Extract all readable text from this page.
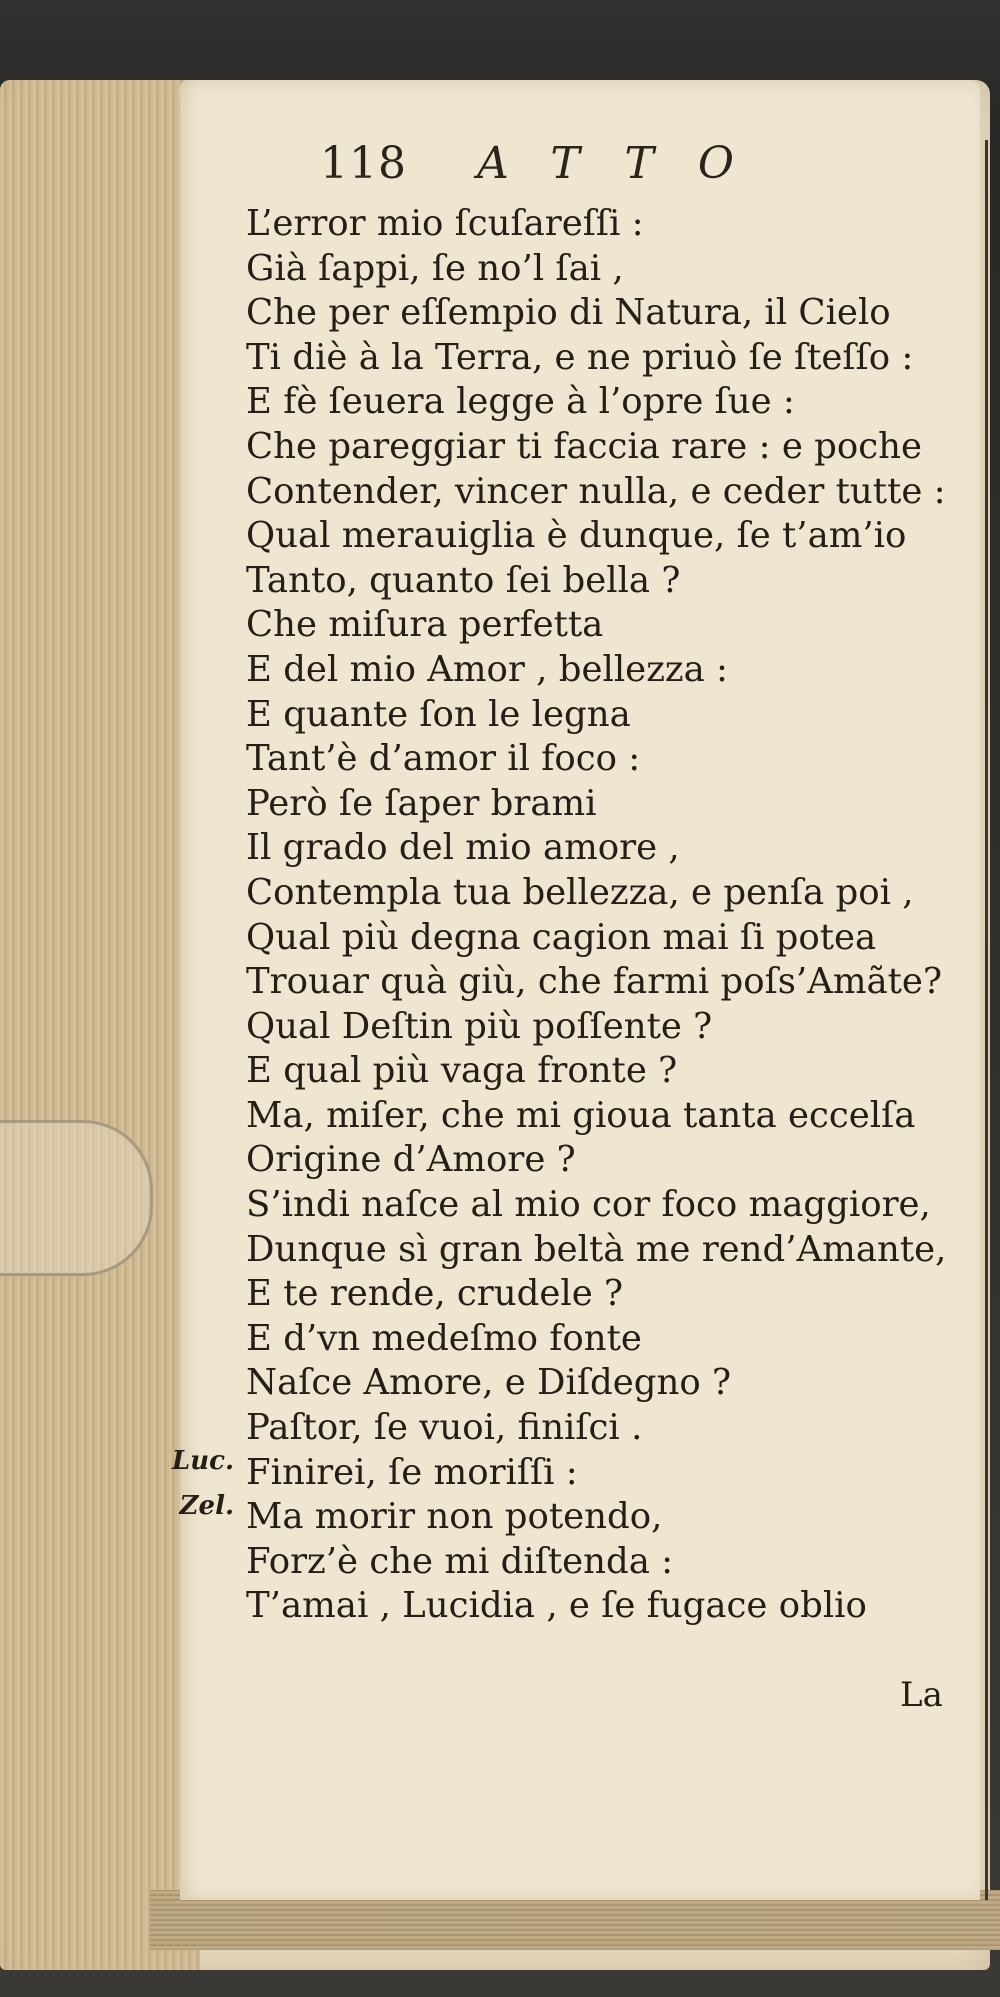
118 ATTO
L’error mio ſcuſareſſi :
Già ſappi, ſe no’l ſai ,
Che per eſſempio di Natura, il Cielo
Ti diè à la Terra, e ne priuò ſe ſteſſo :
E fè ſeuera legge à l’opre ſue :
Che pareggiar ti faccia rare : e poche
Contender, vincer nulla, e ceder tutte :
Qual merauiglia è dunque, ſe t’am’io
Tanto, quanto ſei bella ?
Che miſura perfetta
E del mio Amor , bellezza :
E quante ſon le legna
Tant’è d’amor il foco :
Però ſe ſaper brami
Il grado del mio amore ,
Contempla tua bellezza, e penſa poi ,
Qual più degna cagion mai ſi potea
Trouar quà giù, che farmi poſs’Amãte?
Qual Deſtin più poſſente ?
E qual più vaga fronte ?
Ma, miſer, che mi gioua tanta eccelſa
Origine d’Amore ?
S’indi naſce al mio cor foco maggiore,
Dunque sì gran beltà me rend’Amante,
E te rende, crudele ?
E d’vn medeſmo fonte
Naſce Amore, e Diſdegno ?
Luc.
Paſtor, ſe vuoi, finiſci .
Zel.
Finirei, ſe moriſſi :
Ma morir non potendo,
Forz’è che mi diſtenda :
T’amai , Lucidia , e ſe fugace oblio
La
